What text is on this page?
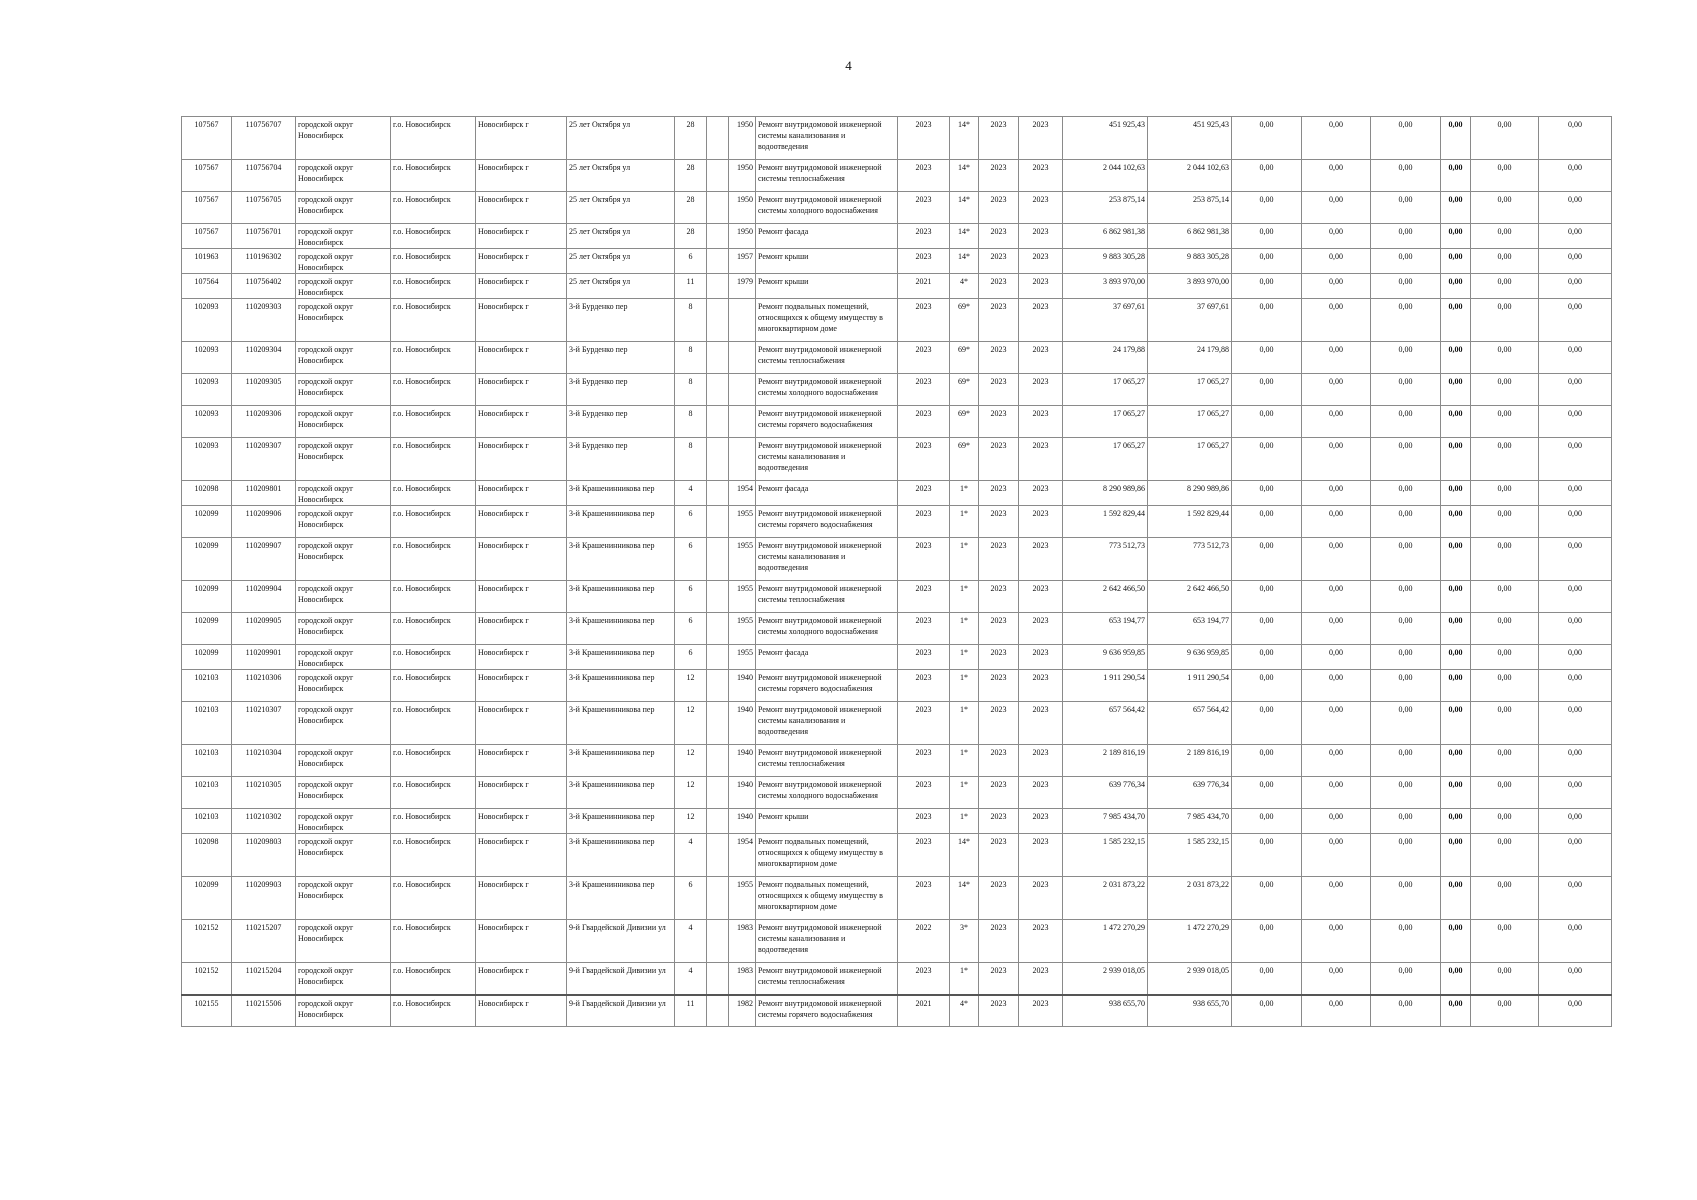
4
107567	110756707	городской округ Новосибирск	г.о. Новосибирск	Новосибирск г	25 лет Октября ул	28		1950	Ремонт внутридомовой инженерной системы канализования и водоотведения	2023	14*	2023	2023	451 925,43	451 925,43	0,00	0,00	0,00	0,00	0,00	0,00
107567	110756704	городской округ Новосибирск	г.о. Новосибирск	Новосибирск г	25 лет Октября ул	28		1950	Ремонт внутридомовой инженерной системы теплоснабжения	2023	14*	2023	2023	2 044 102,63	2 044 102,63	0,00	0,00	0,00	0,00	0,00	0,00
107567	110756705	городской округ Новосибирск	г.о. Новосибирск	Новосибирск г	25 лет Октября ул	28		1950	Ремонт внутридомовой инженерной системы холодного водоснабжения	2023	14*	2023	2023	253 875,14	253 875,14	0,00	0,00	0,00	0,00	0,00	0,00
107567	110756701	городской округ Новосибирск	г.о. Новосибирск	Новосибирск г	25 лет Октября ул	28		1950	Ремонт фасада	2023	14*	2023	2023	6 862 981,38	6 862 981,38	0,00	0,00	0,00	0,00	0,00	0,00
101963	110196302	городской округ Новосибирск	г.о. Новосибирск	Новосибирск г	25 лет Октября ул	6		1957	Ремонт крыши	2023	14*	2023	2023	9 883 305,28	9 883 305,28	0,00	0,00	0,00	0,00	0,00	0,00
107564	110756402	городской округ Новосибирск	г.о. Новосибирск	Новосибирск г	25 лет Октября ул	11		1979	Ремонт крыши	2021	4*	2023	2023	3 893 970,00	3 893 970,00	0,00	0,00	0,00	0,00	0,00	0,00
102093	110209303	городской округ Новосибирск	г.о. Новосибирск	Новосибирск г	3-й Бурденко пер	8			Ремонт подвальных помещений, относящихся к общему имуществу в многоквартирном доме	2023	69*	2023	2023	37 697,61	37 697,61	0,00	0,00	0,00	0,00	0,00	0,00
102093	110209304	городской округ Новосибирск	г.о. Новосибирск	Новосибирск г	3-й Бурденко пер	8			Ремонт внутридомовой инженерной системы теплоснабжения	2023	69*	2023	2023	24 179,88	24 179,88	0,00	0,00	0,00	0,00	0,00	0,00
102093	110209305	городской округ Новосибирск	г.о. Новосибирск	Новосибирск г	3-й Бурденко пер	8			Ремонт внутридомовой инженерной системы холодного водоснабжения	2023	69*	2023	2023	17 065,27	17 065,27	0,00	0,00	0,00	0,00	0,00	0,00
102093	110209306	городской округ Новосибирск	г.о. Новосибирск	Новосибирск г	3-й Бурденко пер	8			Ремонт внутридомовой инженерной системы горячего водоснабжения	2023	69*	2023	2023	17 065,27	17 065,27	0,00	0,00	0,00	0,00	0,00	0,00
102093	110209307	городской округ Новосибирск	г.о. Новосибирск	Новосибирск г	3-й Бурденко пер	8			Ремонт внутридомовой инженерной системы канализования и водоотведения	2023	69*	2023	2023	17 065,27	17 065,27	0,00	0,00	0,00	0,00	0,00	0,00
102098	110209801	городской округ Новосибирск	г.о. Новосибирск	Новосибирск г	3-й Крашенинникова пер	4		1954	Ремонт фасада	2023	1*	2023	2023	8 290 989,86	8 290 989,86	0,00	0,00	0,00	0,00	0,00	0,00
102099	110209906	городской округ Новосибирск	г.о. Новосибирск	Новосибирск г	3-й Крашенинникова пер	6		1955	Ремонт внутридомовой инженерной системы горячего водоснабжения	2023	1*	2023	2023	1 592 829,44	1 592 829,44	0,00	0,00	0,00	0,00	0,00	0,00
102099	110209907	городской округ Новосибирск	г.о. Новосибирск	Новосибирск г	3-й Крашенинникова пер	6		1955	Ремонт внутридомовой инженерной системы канализования и водоотведения	2023	1*	2023	2023	773 512,73	773 512,73	0,00	0,00	0,00	0,00	0,00	0,00
102099	110209904	городской округ Новосибирск	г.о. Новосибирск	Новосибирск г	3-й Крашенинникова пер	6		1955	Ремонт внутридомовой инженерной системы теплоснабжения	2023	1*	2023	2023	2 642 466,50	2 642 466,50	0,00	0,00	0,00	0,00	0,00	0,00
102099	110209905	городской округ Новосибирск	г.о. Новосибирск	Новосибирск г	3-й Крашенинникова пер	6		1955	Ремонт внутридомовой инженерной системы холодного водоснабжения	2023	1*	2023	2023	653 194,77	653 194,77	0,00	0,00	0,00	0,00	0,00	0,00
102099	110209901	городской округ Новосибирск	г.о. Новосибирск	Новосибирск г	3-й Крашенинникова пер	6		1955	Ремонт фасада	2023	1*	2023	2023	9 636 959,85	9 636 959,85	0,00	0,00	0,00	0,00	0,00	0,00
102103	110210306	городской округ Новосибирск	г.о. Новосибирск	Новосибирск г	3-й Крашенинникова пер	12		1940	Ремонт внутридомовой инженерной системы горячего водоснабжения	2023	1*	2023	2023	1 911 290,54	1 911 290,54	0,00	0,00	0,00	0,00	0,00	0,00
102103	110210307	городской округ Новосибирск	г.о. Новосибирск	Новосибирск г	3-й Крашенинникова пер	12		1940	Ремонт внутридомовой инженерной системы канализования и водоотведения	2023	1*	2023	2023	657 564,42	657 564,42	0,00	0,00	0,00	0,00	0,00	0,00
102103	110210304	городской округ Новосибирск	г.о. Новосибирск	Новосибирск г	3-й Крашенинникова пер	12		1940	Ремонт внутридомовой инженерной системы теплоснабжения	2023	1*	2023	2023	2 189 816,19	2 189 816,19	0,00	0,00	0,00	0,00	0,00	0,00
102103	110210305	городской округ Новосибирск	г.о. Новосибирск	Новосибирск г	3-й Крашенинникова пер	12		1940	Ремонт внутридомовой инженерной системы холодного водоснабжения	2023	1*	2023	2023	639 776,34	639 776,34	0,00	0,00	0,00	0,00	0,00	0,00
102103	110210302	городской округ Новосибирск	г.о. Новосибирск	Новосибирск г	3-й Крашенинникова пер	12		1940	Ремонт крыши	2023	1*	2023	2023	7 985 434,70	7 985 434,70	0,00	0,00	0,00	0,00	0,00	0,00
102098	110209803	городской округ Новосибирск	г.о. Новосибирск	Новосибирск г	3-й Крашенинникова пер	4		1954	Ремонт подвальных помещений, относящихся к общему имуществу в многоквартирном доме	2023	14*	2023	2023	1 585 232,15	1 585 232,15	0,00	0,00	0,00	0,00	0,00	0,00
102099	110209903	городской округ Новосибирск	г.о. Новосибирск	Новосибирск г	3-й Крашенинникова пер	6		1955	Ремонт подвальных помещений, относящихся к общему имуществу в многоквартирном доме	2023	14*	2023	2023	2 031 873,22	2 031 873,22	0,00	0,00	0,00	0,00	0,00	0,00
102152	110215207	городской округ Новосибирск	г.о. Новосибирск	Новосибирск г	9-й Гвардейской Дивизии ул	4		1983	Ремонт внутридомовой инженерной системы канализования и водоотведения	2022	3*	2023	2023	1 472 270,29	1 472 270,29	0,00	0,00	0,00	0,00	0,00	0,00
102152	110215204	городской округ Новосибирск	г.о. Новосибирск	Новосибирск г	9-й Гвардейской Дивизии ул	4		1983	Ремонт внутридомовой инженерной системы теплоснабжения	2023	1*	2023	2023	2 939 018,05	2 939 018,05	0,00	0,00	0,00	0,00	0,00	0,00
102155	110215506	городской округ Новосибирск	г.о. Новосибирск	Новосибирск г	9-й Гвардейской Дивизии ул	11		1982	Ремонт внутридомовой инженерной системы горячего водоснабжения	2021	4*	2023	2023	938 655,70	938 655,70	0,00	0,00	0,00	0,00	0,00	0,00
